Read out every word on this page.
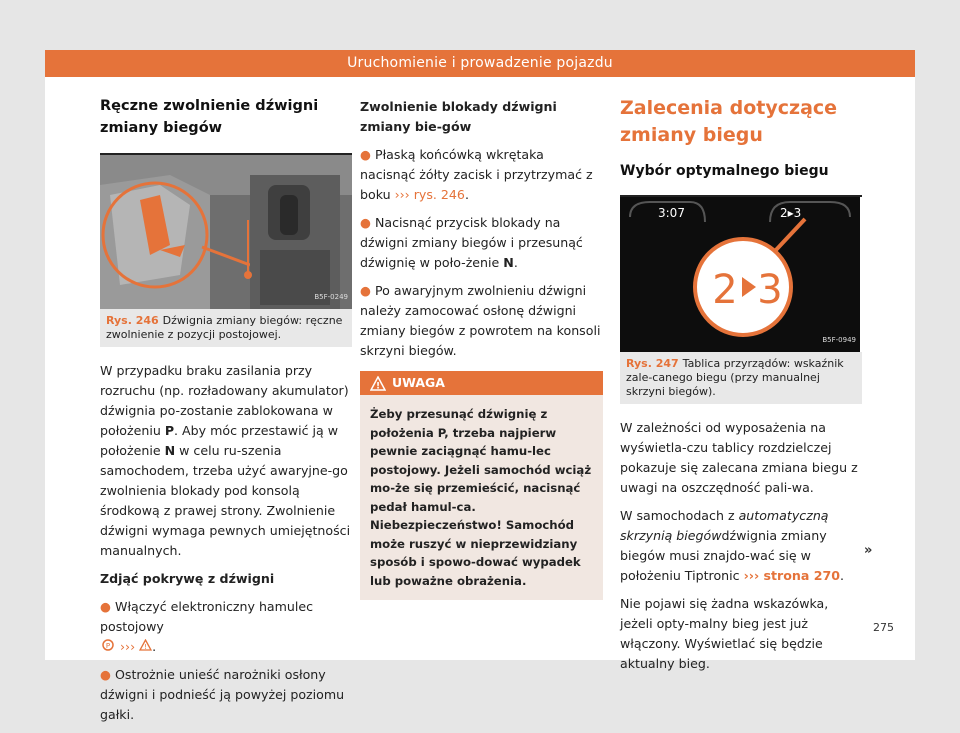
Uruchomienie i prowadzenie pojazdu
Ręczne zwolnienie dźwigni zmiany biegów
B5F-0249
Rys. 246 Dźwignia zmiany biegów: ręczne zwolnienie z pozycji postojowej.

W przypadku braku zasilania przy rozruchu (np. rozładowany akumulator) dźwignia po-zostanie zablokowana w położeniu P. Aby móc przestawić ją w położenie N w celu ru-szenia samochodem, trzeba użyć awaryjne-go zwolnienia blokady pod konsolą środkową z prawej strony. Zwolnienie dźwigni wymaga pewnych umiejętności manualnych.

Zdjąć pokrywę z dźwigni

● Włączyć elektroniczny hamulec postojowy

P ››› ! .

● Ostrożnie unieść narożniki osłony dźwigni i podnieść ją powyżej poziomu gałki.

Zwolnienie blokady dźwigni zmiany bie-gów

● Płaską końcówką wkrętaka nacisnąć żółty zacisk i przytrzymać z boku ››› rys. 246.

● Nacisnąć przycisk blokady na dźwigni zmiany biegów i przesunąć dźwignię w poło-żenie N.

● Po awaryjnym zwolnieniu dźwigni należy zamocować osłonę dźwigni zmiany biegów z powrotem na konsoli skrzyni biegów.

! UWAGA
Żeby przesunąć dźwignię z położenia P, trzeba najpierw pewnie zaciągnąć hamu-lec postojowy. Jeżeli samochód wciąż mo-że się przemieścić, nacisnąć pedał hamul-ca. Niebezpieczeństwo! Samochód może ruszyć w nieprzewidziany sposób i spowo-dować wypadek lub poważne obrażenia.
Zalecenia dotyczące zmiany biegu
Wybór optymalnego biegu
3:07	2▸3
2 3
B5F-0949
Rys. 247 Tablica przyrządów: wskaźnik zale-canego biegu (przy manualnej skrzyni biegów).

W zależności od wyposażenia na wyświetla-czu tablicy rozdzielczej pokazuje się zalecana zmiana biegu z uwagi na oszczędność pali-wa.

W samochodach z automatyczną skrzynią biegówdźwignia zmiany biegów musi znajdo-wać się w położeniu Tiptronic ››› strona 270.

Nie pojawi się żadna wskazówka, jeżeli opty-malny bieg jest już włączony. Wyświetlać się będzie aktualny bieg.

»
275
